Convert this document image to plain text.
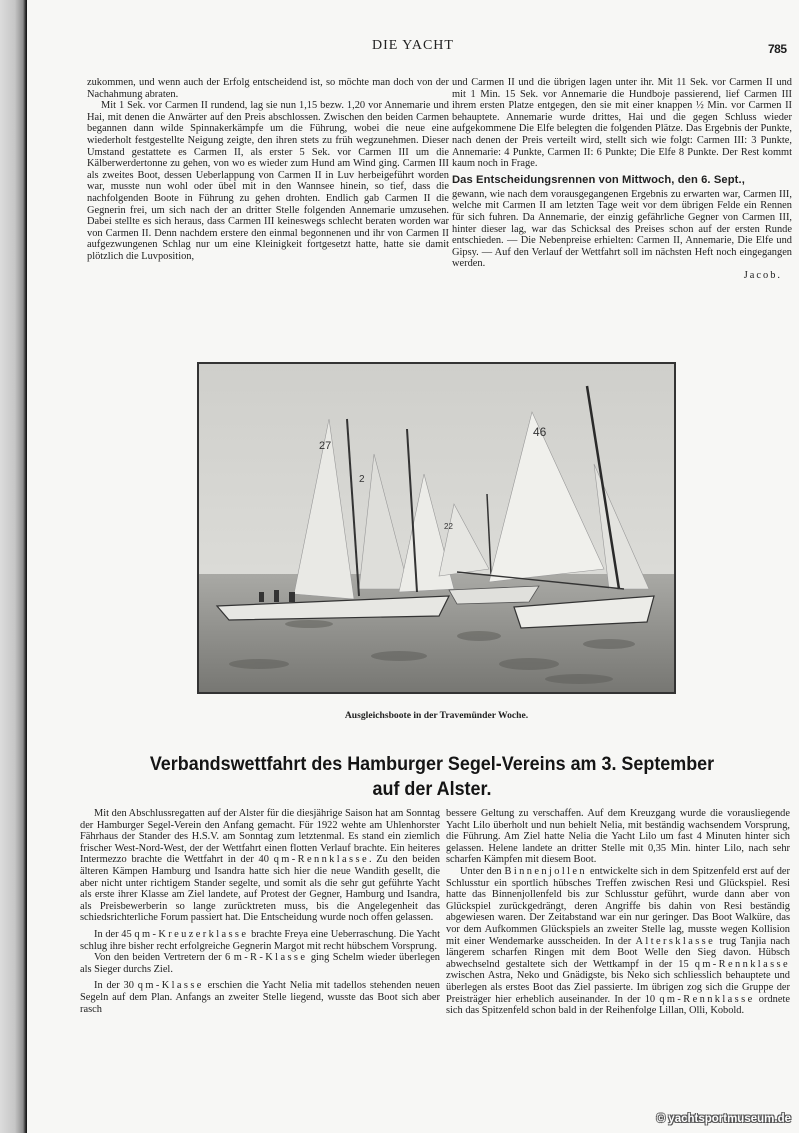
DIE YACHT	785

zukommen, und wenn auch der Erfolg entscheidend ist, so möchte man doch von der Nachahmung abraten.

Mit 1 Sek. vor Carmen II rundend, lag sie nun 1,15 bezw. 1,20 vor Annemarie und Hai, mit denen die Anwärter auf den Preis abschlossen. Zwischen den beiden Carmen begannen dann wilde Spinnakerkämpfe um die Führung, wobei die neue eine wiederholt festgestellte Neigung zeigte, den ihren stets zu früh wegzunehmen. Dieser Umstand gestattete es Carmen II, als erster 5 Sek. vor Carmen III um die Kälberwerdertonne zu gehen, von wo es wieder zum Hund am Wind ging. Carmen III als zweites Boot, dessen Ueberlappung von Carmen II in Luv herbeigeführt worden war, musste nun wohl oder übel mit in den Wannsee hinein, so tief, dass die nachfolgenden Boote in Führung zu gehen drohten. Endlich gab Carmen II die Gegnerin frei, um sich nach der an dritter Stelle folgenden Annemarie umzusehen. Dabei stellte es sich heraus, dass Carmen III keineswegs schlecht beraten worden war von Carmen II. Denn nachdem erstere den einmal begonnenen und ihr von Carmen II aufgezwungenen Schlag nur um eine Kleinigkeit fortgesetzt hatte, hatte sie damit plötzlich die Luvposition,

und Carmen II und die übrigen lagen unter ihr. Mit 11 Sek. vor Carmen II und mit 1 Min. 15 Sek. vor Annemarie die Hundboje passierend, lief Carmen III ihrem ersten Platze entgegen, den sie mit einer knappen ½ Min. vor Carmen II behauptete. Annemarie wurde drittes, Hai und die gegen Schluss wieder aufgekommene Die Elfe belegten die folgenden Plätze. Das Ergebnis der Punkte, nach denen der Preis verteilt wird, stellt sich wie folgt: Carmen III: 3 Punkte, Annemarie: 4 Punkte, Carmen II: 6 Punkte; Die Elfe 8 Punkte. Der Rest kommt kaum noch in Frage.

Das Entscheidungsrennen von Mittwoch, den 6. Sept.,

gewann, wie nach dem vorausgegangenen Ergebnis zu erwarten war, Carmen III, welche mit Carmen II am letzten Tage weit vor dem übrigen Felde ein Rennen für sich fuhren. Da Annemarie, der einzig gefährliche Gegner von Carmen III, hinter dieser lag, war das Schicksal des Preises schon auf der ersten Runde entschieden. — Die Nebenpreise erhielten: Carmen II, Annemarie, Die Elfe und Gipsy. — Auf den Verlauf der Wettfahrt soll im nächsten Heft noch eingegangen werden.

Jacob.
27
2
22
46
Ausgleichsboote in der Travemünder Woche.
Verbandswettfahrt des Hamburger Segel-Vereins am 3. September
auf der Alster.

Mit den Abschlussregatten auf der Alster für die diesjährige Saison hat am Sonntag der Hamburger Segel-Verein den Anfang gemacht. Für 1922 wehte am Uhlenhorster Fährhaus der Stander des H.S.V. am Sonntag zum letztenmal. Es stand ein ziemlich frischer West-Nord-West, der der Wettfahrt einen flotten Verlauf brachte. Ein heiteres Intermezzo brachte die Wettfahrt in der 40 qm-Rennklasse. Zu den beiden älteren Kämpen Hamburg und Isandra hatte sich hier die neue Wandith gesellt, die aber nicht unter richtigem Stander segelte, und somit als die sehr gut geführte Yacht als erste ihrer Klasse am Ziel landete, auf Protest der Gegner, Hamburg und Isandra, als Preisbewerberin so lange zurücktreten muss, bis die Angelegenheit das schiedsrichterliche Forum passiert hat. Die Entscheidung wurde noch offen gelassen.

In der 45 qm-Kreuzerklasse brachte Freya eine Ueberraschung. Die Yacht schlug ihre bisher recht erfolgreiche Gegnerin Margot mit recht hübschem Vorsprung.

Von den beiden Vertretern der 6 m-R-Klasse ging Schelm wieder überlegen als Sieger durchs Ziel.

In der 30 qm-Klasse erschien die Yacht Nelia mit tadellos stehenden neuen Segeln auf dem Plan. Anfangs an zweiter Stelle liegend, wusste das Boot sich aber rasch

bessere Geltung zu verschaffen. Auf dem Kreuzgang wurde die vorausliegende Yacht Lilo überholt und nun behielt Nelia, mit beständig wachsendem Vorsprung, die Führung. Am Ziel hatte Nelia die Yacht Lilo um fast 4 Minuten hinter sich gelassen. Helene landete an dritter Stelle mit 0,35 Min. hinter Lilo, nach sehr scharfen Kämpfen mit diesem Boot.

Unter den Binnenjollen entwickelte sich in dem Spitzenfeld erst auf der Schlusstur ein sportlich hübsches Treffen zwischen Resi und Glückspiel. Resi hatte das Binnenjollenfeld bis zur Schlusstur geführt, wurde dann aber von Glückspiel zurückgedrängt, deren Angriffe bis dahin von Resi beständig abgewiesen waren. Der Zeitabstand war ein nur geringer. Das Boot Walküre, das vor dem Aufkommen Glückspiels an zweiter Stelle lag, musste wegen Kollision mit einer Wendemarke ausscheiden. In der Altersklasse trug Tanjia nach längerem scharfen Ringen mit dem Boot Welle den Sieg davon. Hübsch abwechselnd gestaltete sich der Wettkampf in der 15 qm-Rennklasse zwischen Astra, Neko und Gnädigste, bis Neko sich schliesslich behauptete und überlegen als erstes Boot das Ziel passierte. Im übrigen zog sich die Gruppe der Preisträger hier erheblich auseinander. In der 10 qm-Rennklasse ordnete sich das Spitzenfeld schon bald in der Reihenfolge Lillan, Olli, Kobold.

© yachtsportmuseum.de
